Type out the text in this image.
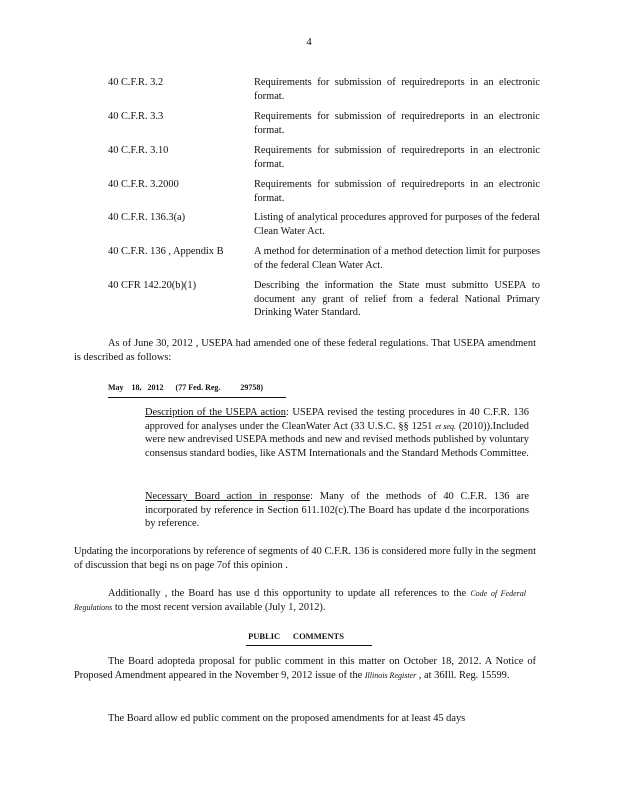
4
40 C.F.R. 3.2	Requirements for submission of requiredreports in an electronic format.
40 C.F.R. 3.3	Requirements for submission of requiredreports in an electronic format.
40 C.F.R. 3.10	Requirements for submission of requiredreports in an electronic format.
40 C.F.R. 3.2000	Requirements for submission of requiredreports in an electronic format.
40 C.F.R. 136.3(a)	Listing of analytical procedures approved for purposes of the federal Clean Water Act.
40 C.F.R. 136 , Appendix B	A method for determination of a method detection limit for purposes of the federal Clean Water Act.
40 CFR 142.20(b)(1)	Describing the information the State must submitto USEPA to document any grant of relief from a federal National Primary Drinking Water Standard.
As of June 30, 2012 , USEPA had amended one of these federal regulations. That USEPA amendment is described as follows:
May    18,   2012      (77 Fed. Reg.          29758)
Description of the USEPA action: USEPA revised the testing procedures in 40 C.F.R. 136 approved for analyses under the CleanWater Act (33 U.S.C. §§ 1251 et seq. (2010)).Included were new andrevised USEPA methods and new and revised methods published by voluntary consensus standard bodies, like ASTM Internationals and the Standard Methods Committee.
Necessary Board action in response: Many of the methods of 40 C.F.R. 136 are incorporated by reference in Section 611.102(c).The Board has update d the incorporations by reference.
Updating the incorporations by reference of segments of 40 C.F.R. 136 is considered more fully in the segment of discussion that begi ns on page 7of this opinion .
Additionally , the Board has use d this opportunity to update all references to the Code of Federal Regulations to the most recent version available (July 1, 2012).
PUBLIC      COMMENTS
The Board adopteda proposal for public comment in this matter on October 18, 2012. A Notice of Proposed Amendment appeared in the November 9, 2012 issue of the Illinois Register , at 36Ill. Reg. 15599.
The Board allow ed public comment on the proposed amendments for at least 45 days
